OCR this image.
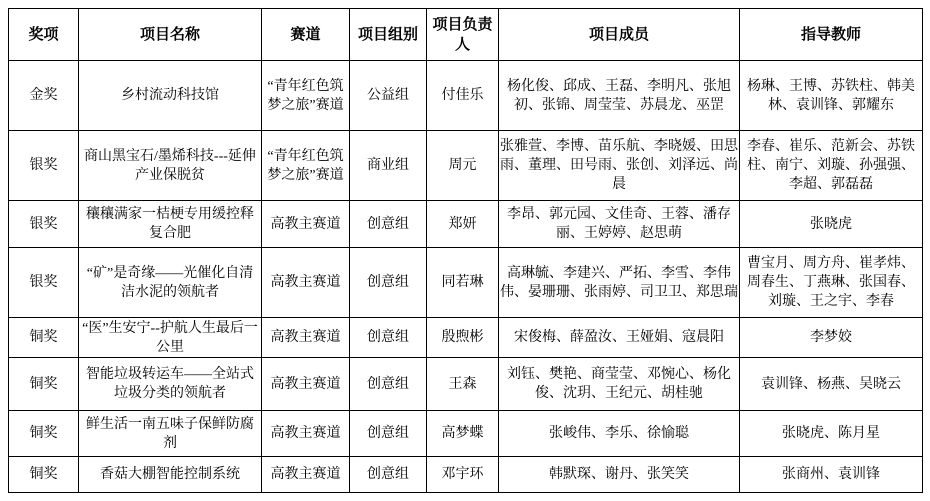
奖项	项目名称	赛道	项目组别	项目负责人	项目成员	指导教师
金奖	乡村流动科技馆	“青年红色筑梦之旅”赛道	公益组	付佳乐	杨化俊、邱成、王磊、李明凡、张旭初、张锦、周莹莹、苏晨龙、巫罡	杨琳、王博、苏铁柱、韩美林、袁训锋、郭耀东
银奖	商山黑宝石/墨烯科技---延伸产业保脱贫	“青年红色筑梦之旅”赛道	商业组	周元	张雅萱、李博、苗乐航、李晓媛、田思雨、董理、田号雨、张创、刘泽远、尚晨	李春、崔乐、范新会、苏铁柱、南宁、刘璇、孙强强、李超、郭磊磊
银奖	穰穰满家一桔梗专用缓控释复合肥	高教主赛道	创意组	郑妍	李昂、郭元园、文佳奇、王蓉、潘存丽、王婷婷、赵思萌	张晓虎
银奖	“矿”是奇缘——光催化自清洁水泥的领航者	高教主赛道	创意组	同若琳	高琳毓、李建兴、严拓、李雪、李伟伟、晏珊珊、张雨婷、司卫卫、郑思瑞	曹宝月、周方舟、崔孝炜、周春生、丁燕琳、张国春、刘璇、王之宇、李春
铜奖	“医”生安宁--护航人生最后一公里	高教主赛道	创意组	殷煦彬	宋俊梅、薛盈汝、王娅娟、寇晨阳	李梦姣
铜奖	智能垃圾转运车——全站式垃圾分类的领航者	高教主赛道	创意组	王森	刘钰、樊艳、商莹莹、邓惋心、杨化俊、沈玥、王纪元、胡桂驰	袁训锋、杨燕、吴晓云
铜奖	鲜生活一南五味子保鲜防腐剂	高教主赛道	创意组	高梦蝶	张峻伟、李乐、徐愉聪	张晓虎、陈月星
铜奖	香菇大棚智能控制系统	高教主赛道	创意组	邓宇环	韩默琛、谢丹、张笑笑	张商州、袁训锋
